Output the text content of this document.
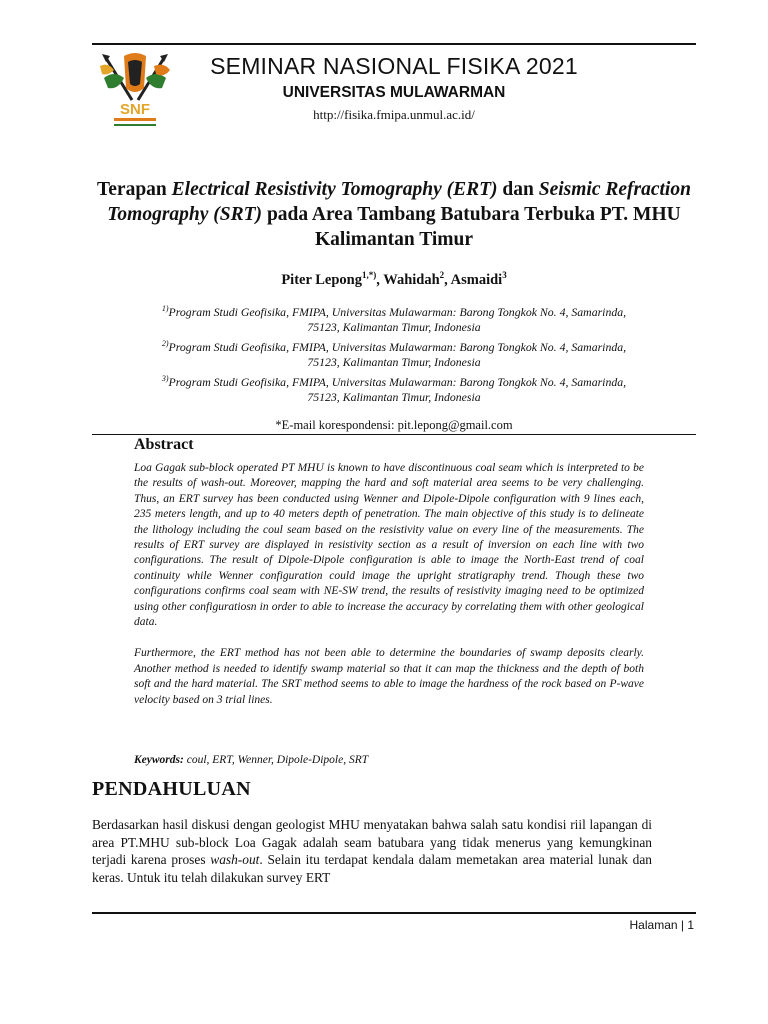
SNF
SEMINAR NASIONAL FISIKA 2021
UNIVERSITAS MULAWARMAN
http://fisika.fmipa.unmul.ac.id/
Terapan Electrical Resistivity Tomography (ERT) dan Seismic Refraction Tomography (SRT) pada Area Tambang Batubara Terbuka PT. MHU Kalimantan Timur
Piter Lepong$^{1,*)}$, Wahidah$^2$, Asmaidi$^3$

$^{1)}$Program Studi Geofisika, FMIPA, Universitas Mulawarman: Barong Tongkok No. 4, Samarinda,
75123, Kalimantan Timur, Indonesia

$^{2)}$Program Studi Geofisika, FMIPA, Universitas Mulawarman: Barong Tongkok No. 4, Samarinda,
75123, Kalimantan Timur, Indonesia

$^{3)}$Program Studi Geofisika, FMIPA, Universitas Mulawarman: Barong Tongkok No. 4, Samarinda,
75123, Kalimantan Timur, Indonesia

*E-mail korespondensi: pit.lepong@gmail.com
Abstract

Loa Gagak sub-block operated PT MHU is known to have discontinuous coal seam which is interpreted to be the results of wash-out. Moreover, mapping the hard and soft material area seems to be very challenging. Thus, an ERT survey has been conducted using Wenner and Dipole-Dipole configuration with 9 lines each, 235 meters length, and up to 40 meters depth of penetration. The main objective of this study is to delineate the lithology including the coul seam based on the resistivity value on every line of the measurements. The results of ERT survey are displayed in resistivity section as a result of inversion on each line with two configurations. The result of Dipole-Dipole configuration is able to image the North-East trend of coal continuity while Wenner configuration could image the upright stratigraphy trend. Though these two configurations confirms coal seam with NE-SW trend, the results of resistivity imaging need to be optimized using other configuratiosn in order to able to increase the accuracy by correlating them with other geological data.

Furthermore, the ERT method has not been able to determine the boundaries of swamp deposits clearly. Another method is needed to identify swamp material so that it can map the thickness and the depth of both soft and the hard material. The SRT method seems to able to image the hardness of the rock based on P-wave velocity based on 3 trial lines.

Keywords: coul, ERT, Wenner, Dipole-Dipole, SRT
PENDAHULUAN
Berdasarkan hasil diskusi dengan geologist MHU menyatakan bahwa salah satu kondisi riil lapangan di area PT.MHU sub-block Loa Gagak adalah seam batubara yang tidak menerus yang kemungkinan terjadi karena proses wash-out. Selain itu terdapat kendala dalam memetakan area material lunak dan keras. Untuk itu telah dilakukan survey ERT
Halaman | 1
